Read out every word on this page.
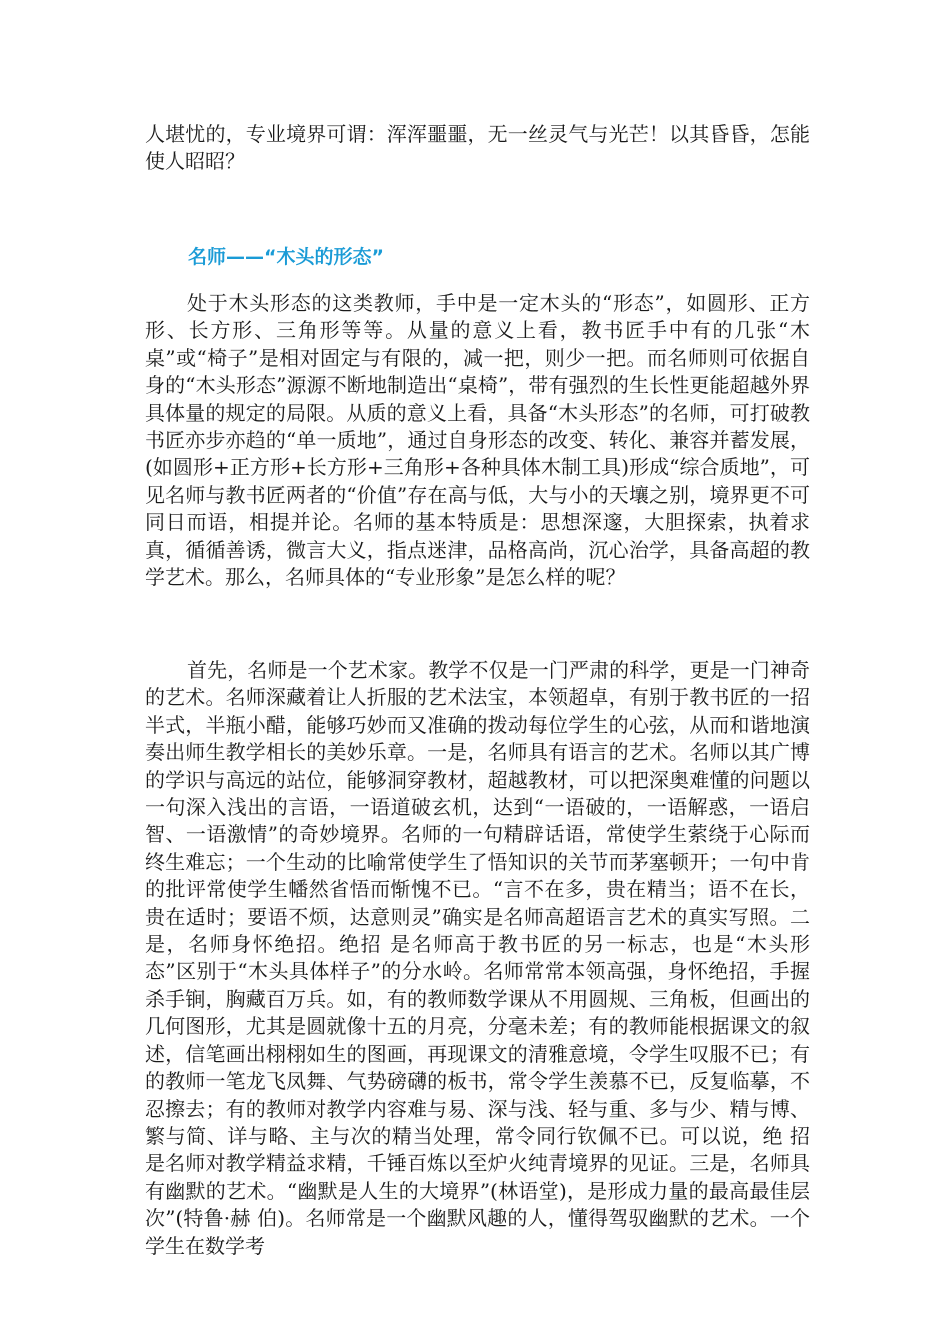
人堪忧的，专业境界可谓：浑浑噩噩，无一丝灵气与光芒！以其昏昏，怎能使人昭昭？

名师——“木头的形态”

处于木头形态的这类教师，手中是一定木头的“形态”，如圆形、正方形、长方形、三角形等等。从量的意义上看，教书匠手中有的几张“木桌”或“椅子”是相对固定与有限的，减一把，则少一把。而名师则可依据自身的“木头形态”源源不断地制造出“桌椅”，带有强烈的生长性更能超越外界具体量的规定的局限。从质的意义上看，具备“木头形态”的名师，可打破教书匠亦步亦趋的“单一质地”，通过自身形态的改变、转化、兼容并蓄发展，(如圆形+正方形+长方形+三角形+各种具体木制工具)形成“综合质地”，可见名师与教书匠两者的“价值”存在高与低，大与小的天壤之别，境界更不可同日而语，相提并论。名师的基本特质是：思想深邃，大胆探索，执着求真，循循善诱，微言大义，指点迷津，品格高尚，沉心治学，具备高超的教学艺术。那么，名师具体的“专业形象”是怎么样的呢？

首先，名师是一个艺术家。教学不仅是一门严肃的科学，更是一门神奇的艺术。名师深藏着让人折服的艺术法宝，本领超卓，有别于教书匠的一招半式，半瓶小醋，能够巧妙而又准确的拨动每位学生的心弦，从而和谐地演奏出师生教学相长的美妙乐章。一是，名师具有语言的艺术。名师以其广博的学识与高远的站位，能够洞穿教材，超越教材，可以把深奥难懂的问题以一句深入浅出的言语，一语道破玄机，达到“一语破的，一语解惑，一语启智、一语激情”的奇妙境界。名师的一句精辟话语，常使学生萦绕于心际而终生难忘；一个生动的比喻常使学生了悟知识的关节而茅塞顿开；一句中肯的批评常使学生幡然省悟而惭愧不已。“言不在多，贵在精当；语不在长，贵在适时；要语不烦，达意则灵”确实是名师高超语言艺术的真实写照。二是，名师身怀绝招。绝招 是名师高于教书匠的另一标志，也是“木头形态”区别于“木头具体样子”的分水岭。名师常常本领高强，身怀绝招，手握杀手锏，胸藏百万兵。如，有的教师数学课从不用圆规、三角板，但画出的几何图形，尤其是圆就像十五的月亮，分毫未差；有的教师能根据课文的叙述，信笔画出栩栩如生的图画，再现课文的清雅意境，令学生叹服不已；有的教师一笔龙飞凤舞、气势磅礴的板书，常令学生羡慕不已，反复临摹，不忍擦去；有的教师对教学内容难与易、深与浅、轻与重、多与少、精与博、繁与简、详与略、主与次的精当处理，常令同行钦佩不已。可以说，绝 招是名师对教学精益求精，千锤百炼以至炉火纯青境界的见证。三是，名师具有幽默的艺术。“幽默是人生的大境界”(林语堂)，是形成力量的最高最佳层次”(特鲁·赫 伯)。名师常是一个幽默风趣的人，懂得驾驭幽默的艺术。一个学生在数学考
